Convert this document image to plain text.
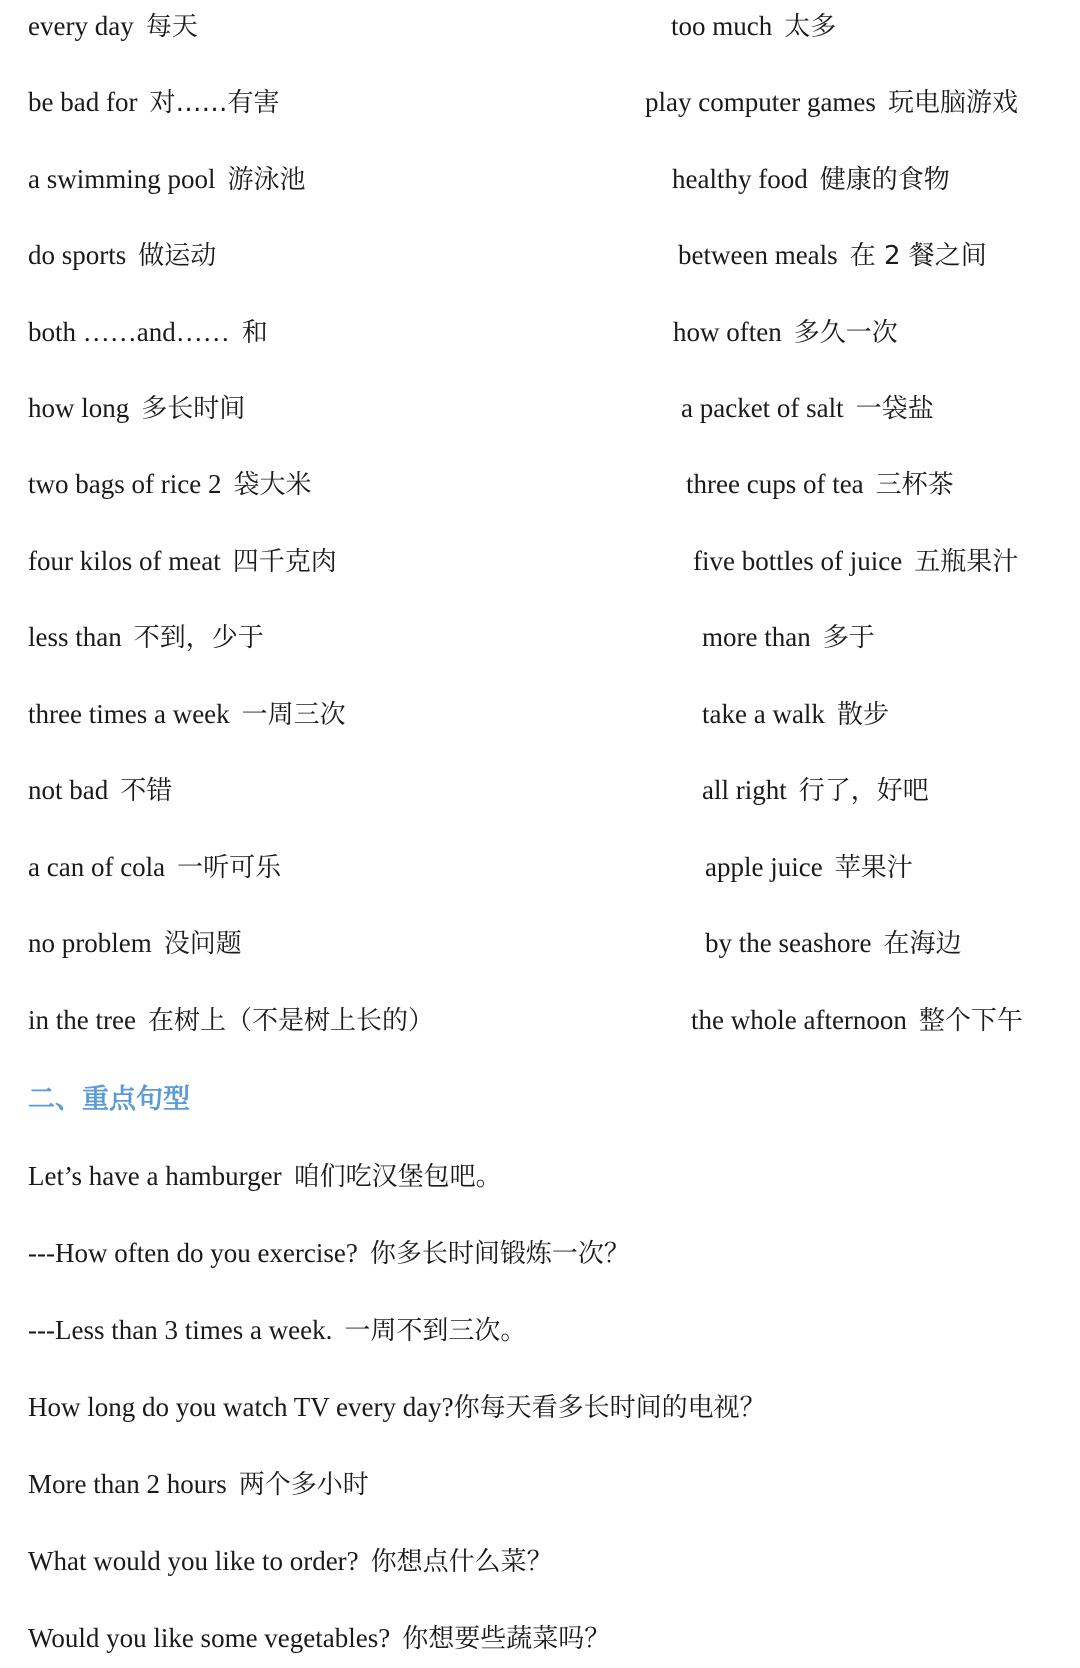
every day 每天	too much 太多
be bad for 对……有害	play computer games 玩电脑游戏
a swimming pool 游泳池	healthy food 健康的食物
do sports 做运动	between meals 在 2 餐之间
both ……and…… 和	how often 多久一次
how long 多长时间	a packet of salt 一袋盐
two bags of rice 2 袋大米	three cups of tea 三杯茶
four kilos of meat 四千克肉	five bottles of juice 五瓶果汁
less than 不到，少于	more than 多于
three times a week 一周三次	take a walk 散步
not bad 不错	all right 行了，好吧
a can of cola 一听可乐	apple juice 苹果汁
no problem 没问题	by the seashore 在海边
in the tree 在树上（不是树上长的）	the whole afternoon 整个下午
二、重点句型
Let’s have a hamburger 咱们吃汉堡包吧。
---How often do you exercise? 你多长时间锻炼一次？
---Less than 3 times a week. 一周不到三次。
How long do you watch TV every day?你每天看多长时间的电视？
More than 2 hours 两个多小时
What would you like to order? 你想点什么菜？
Would you like some vegetables? 你想要些蔬菜吗？
